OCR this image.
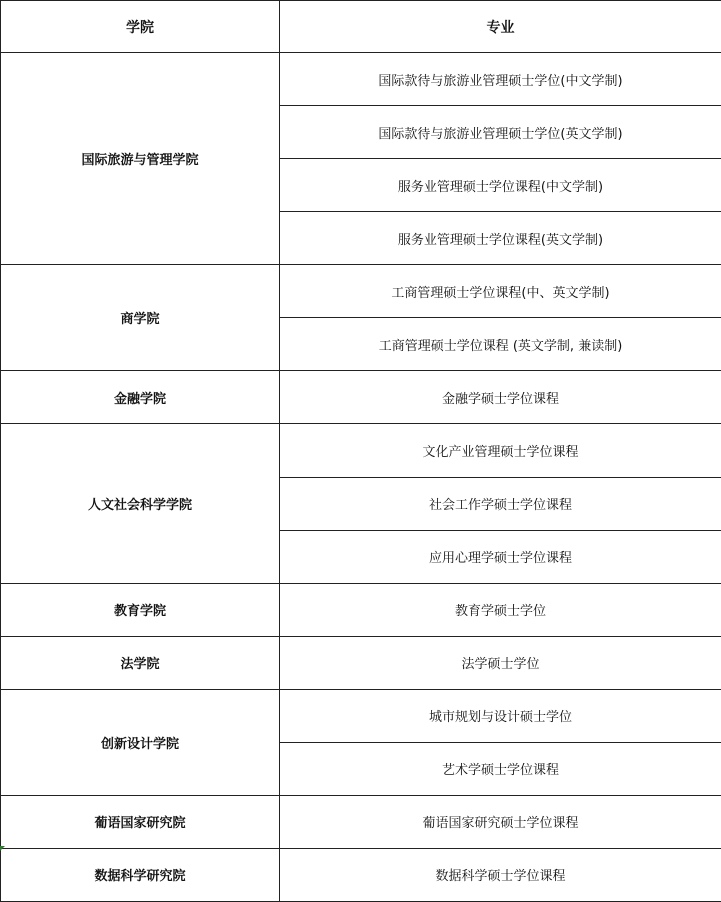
学院	专业
国际旅游与管理学院	国际款待与旅游业管理硕士学位(中文学制)
	国际款待与旅游业管理硕士学位(英文学制)
	服务业管理硕士学位课程(中文学制)
	服务业管理硕士学位课程(英文学制)
商学院	工商管理硕士学位课程(中、英文学制)
	工商管理硕士学位课程 (英文学制, 兼读制)
金融学院	金融学硕士学位课程
人文社会科学学院	文化产业管理硕士学位课程
	社会工作学硕士学位课程
	应用心理学硕士学位课程
教育学院	教育学硕士学位
法学院	法学硕士学位
创新设计学院	城市规划与设计硕士学位
	艺术学硕士学位课程
葡语国家研究院	葡语国家研究硕士学位课程
数据科学研究院	数据科学硕士学位课程
